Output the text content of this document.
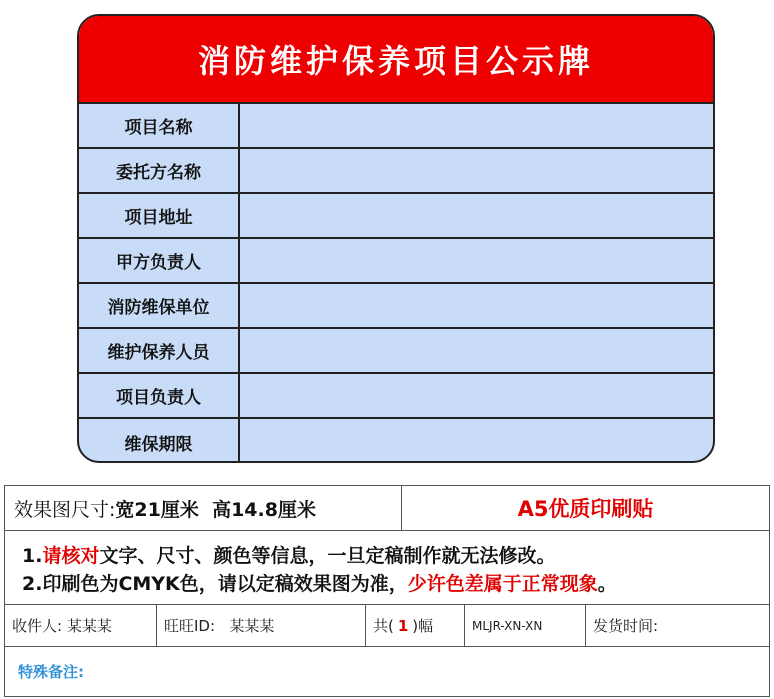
消防维护保养项目公示牌
项目名称
委托方名称
项目地址
甲方负责人
消防维保单位
维护保养人员
项目负责人
维保期限
效果图尺寸: 宽21厘米  高14.8厘米	A5优质印刷贴
1.请核对文字、尺寸、颜色等信息，一旦定稿制作就无法修改。
2.印刷色为CMYK色，请以定稿效果图为准，少许色差属于正常现象。
收件人: 某某某	旺旺ID:   某某某	共( 1 )幅	MLJR-XN-XN	发货时间:
特殊备注:
